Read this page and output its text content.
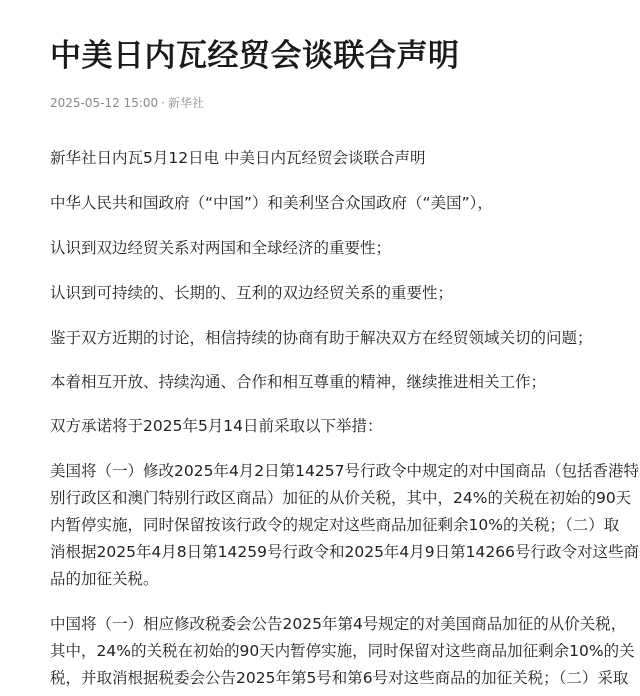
中美日内瓦经贸会谈联合声明
2025-05-12 15:00 · 新华社

新华社日内瓦5月12日电 中美日内瓦经贸会谈联合声明

中华人民共和国政府（“中国”）和美利坚合众国政府（“美国”），

认识到双边经贸关系对两国和全球经济的重要性；

认识到可持续的、长期的、互利的双边经贸关系的重要性；

鉴于双方近期的讨论，相信持续的协商有助于解决双方在经贸领域关切的问题；

本着相互开放、持续沟通、合作和相互尊重的精神，继续推进相关工作；

双方承诺将于2025年5月14日前采取以下举措：

美国将（一）修改2025年4月2日第14257号行政令中规定的对中国商品（包括香港特
别行政区和澳门特别行政区商品）加征的从价关税，其中，24%的关税在初始的90天
内暂停实施，同时保留按该行政令的规定对这些商品加征剩余10%的关税；（二）取
消根据2025年4月8日第14259号行政令和2025年4月9日第14266号行政令对这些商
品的加征关税。

中国将（一）相应修改税委会公告2025年第4号规定的对美国商品加征的从价关税，
其中，24%的关税在初始的90天内暂停实施，同时保留对这些商品加征剩余10%的关
税，并取消根据税委会公告2025年第5号和第6号对这些商品的加征关税；（二）采取
